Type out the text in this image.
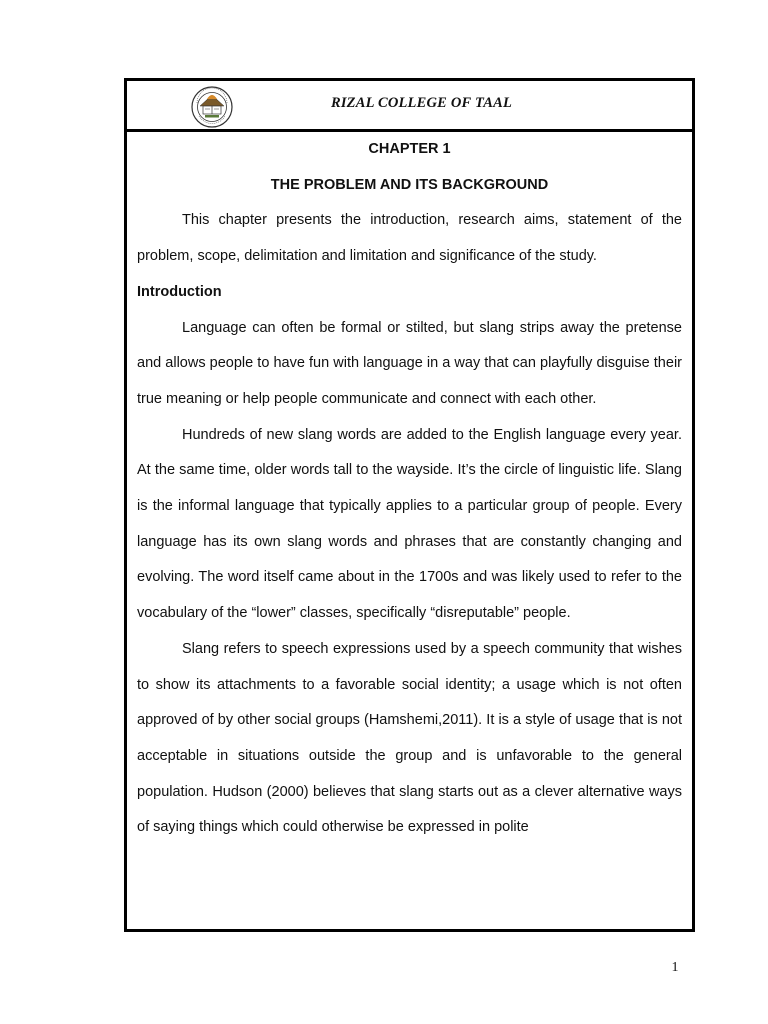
RIZAL COLLEGE OF TAAL

CHAPTER 1

THE PROBLEM AND ITS BACKGROUND

This chapter presents the introduction, research aims, statement of the problem, scope, delimitation and limitation and significance of the study.

Introduction

Language can often be formal or stilted, but slang strips away the pretense and allows people to have fun with language in a way that can playfully disguise their true meaning or help people communicate and connect with each other.

Hundreds of new slang words are added to the English language every year. At the same time, older words tall to the wayside. It’s the circle of linguistic life. Slang is the informal language that typically applies to a particular group of people. Every language has its own slang words and phrases that are constantly changing and evolving. The word itself came about in the 1700s and was likely used to refer to the vocabulary of the “lower” classes, specifically “disreputable” people.

Slang refers to speech expressions used by a speech community that wishes to show its attachments to a favorable social identity; a usage which is not often approved of by other social groups (Hamshemi,2011). It is a style of usage that is not acceptable in situations outside the group and is unfavorable to the general population. Hudson (2000) believes that slang starts out as a clever alternative ways of saying things which could otherwise be expressed in polite

1
